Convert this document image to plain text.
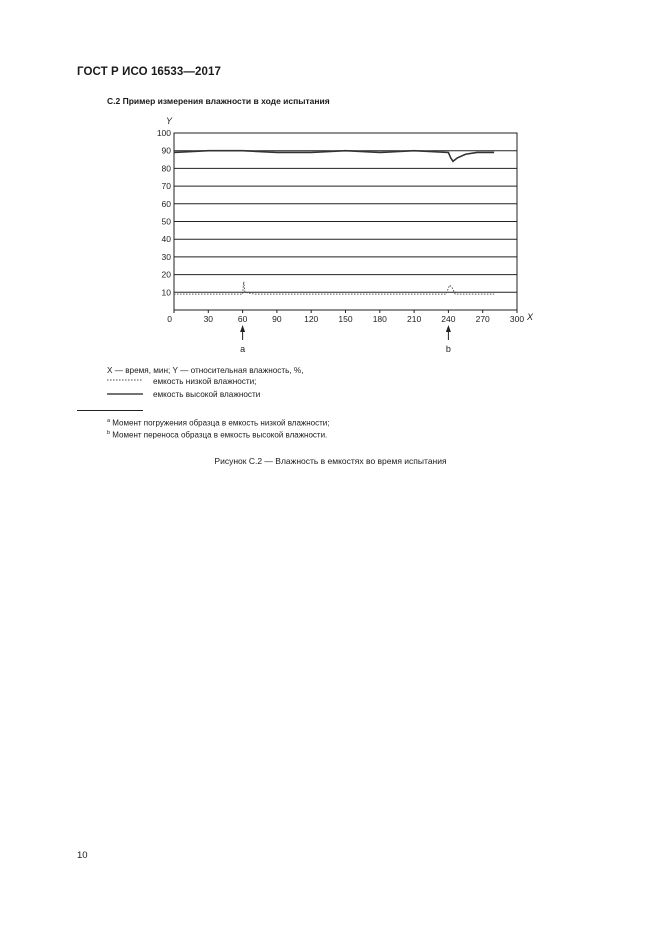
ГОСТ Р ИСО 16533—2017
С.2 Пример измерения влажности в ходе испытания
10
20
30
40
50
60
70
80
90
100
0	30	60	90	120 150 180 210 240 270 300
Y
X
a	b
X — время, мин; Y — относительная влажность, %,
емкость низкой влажности;
емкость высокой влажности
$^a$ Момент погружения образца в емкость низкой влажности;
$^b$ Момент переноса образца в емкость высокой влажности.
Рисунок С.2 — Влажность в емкостях во время испытания
10
